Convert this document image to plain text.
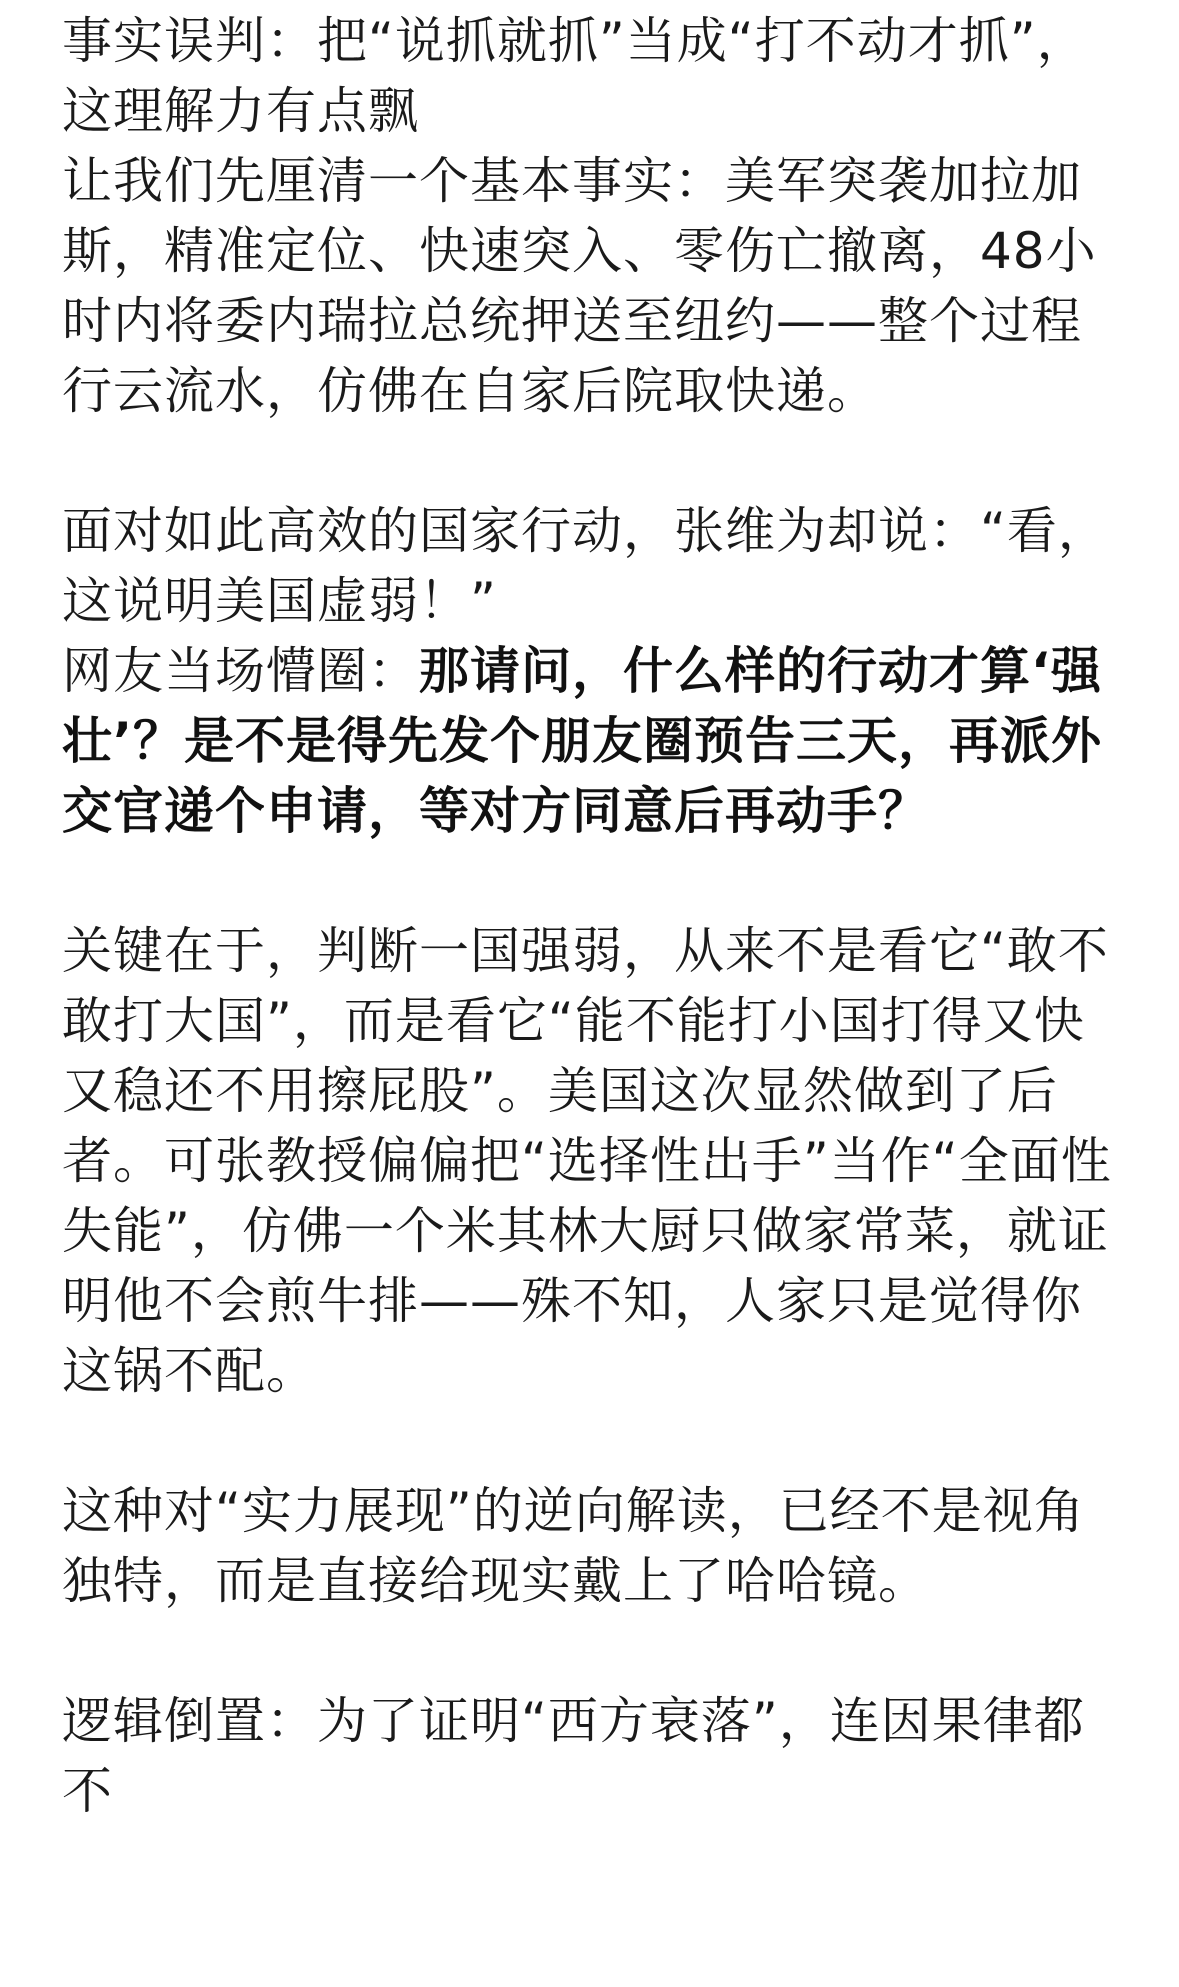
事实误判：把“说抓就抓”当成“打不动才抓”，这理解力有点飘

让我们先厘清一个基本事实：美军突袭加拉加斯，精准定位、快速突入、零伤亡撤离，48小时内将委内瑞拉总统押送至纽约——整个过程行云流水，仿佛在自家后院取快递。

面对如此高效的国家行动，张维为却说：“看，这说明美国虚弱！”

网友当场懵圈：那请问，什么样的行动才算‘强壮’？是不是得先发个朋友圈预告三天，再派外交官递个申请，等对方同意后再动手？

关键在于，判断一国强弱，从来不是看它“敢不敢打大国”，而是看它“能不能打小国打得又快又稳还不用擦屁股”。美国这次显然做到了后者。可张教授偏偏把“选择性出手”当作“全面性失能”，仿佛一个米其林大厨只做家常菜，就证明他不会煎牛排——殊不知，人家只是觉得你这锅不配。

这种对“实力展现”的逆向解读，已经不是视角独特，而是直接给现实戴上了哈哈镜。

逻辑倒置：为了证明“西方衰落”，连因果律都不
